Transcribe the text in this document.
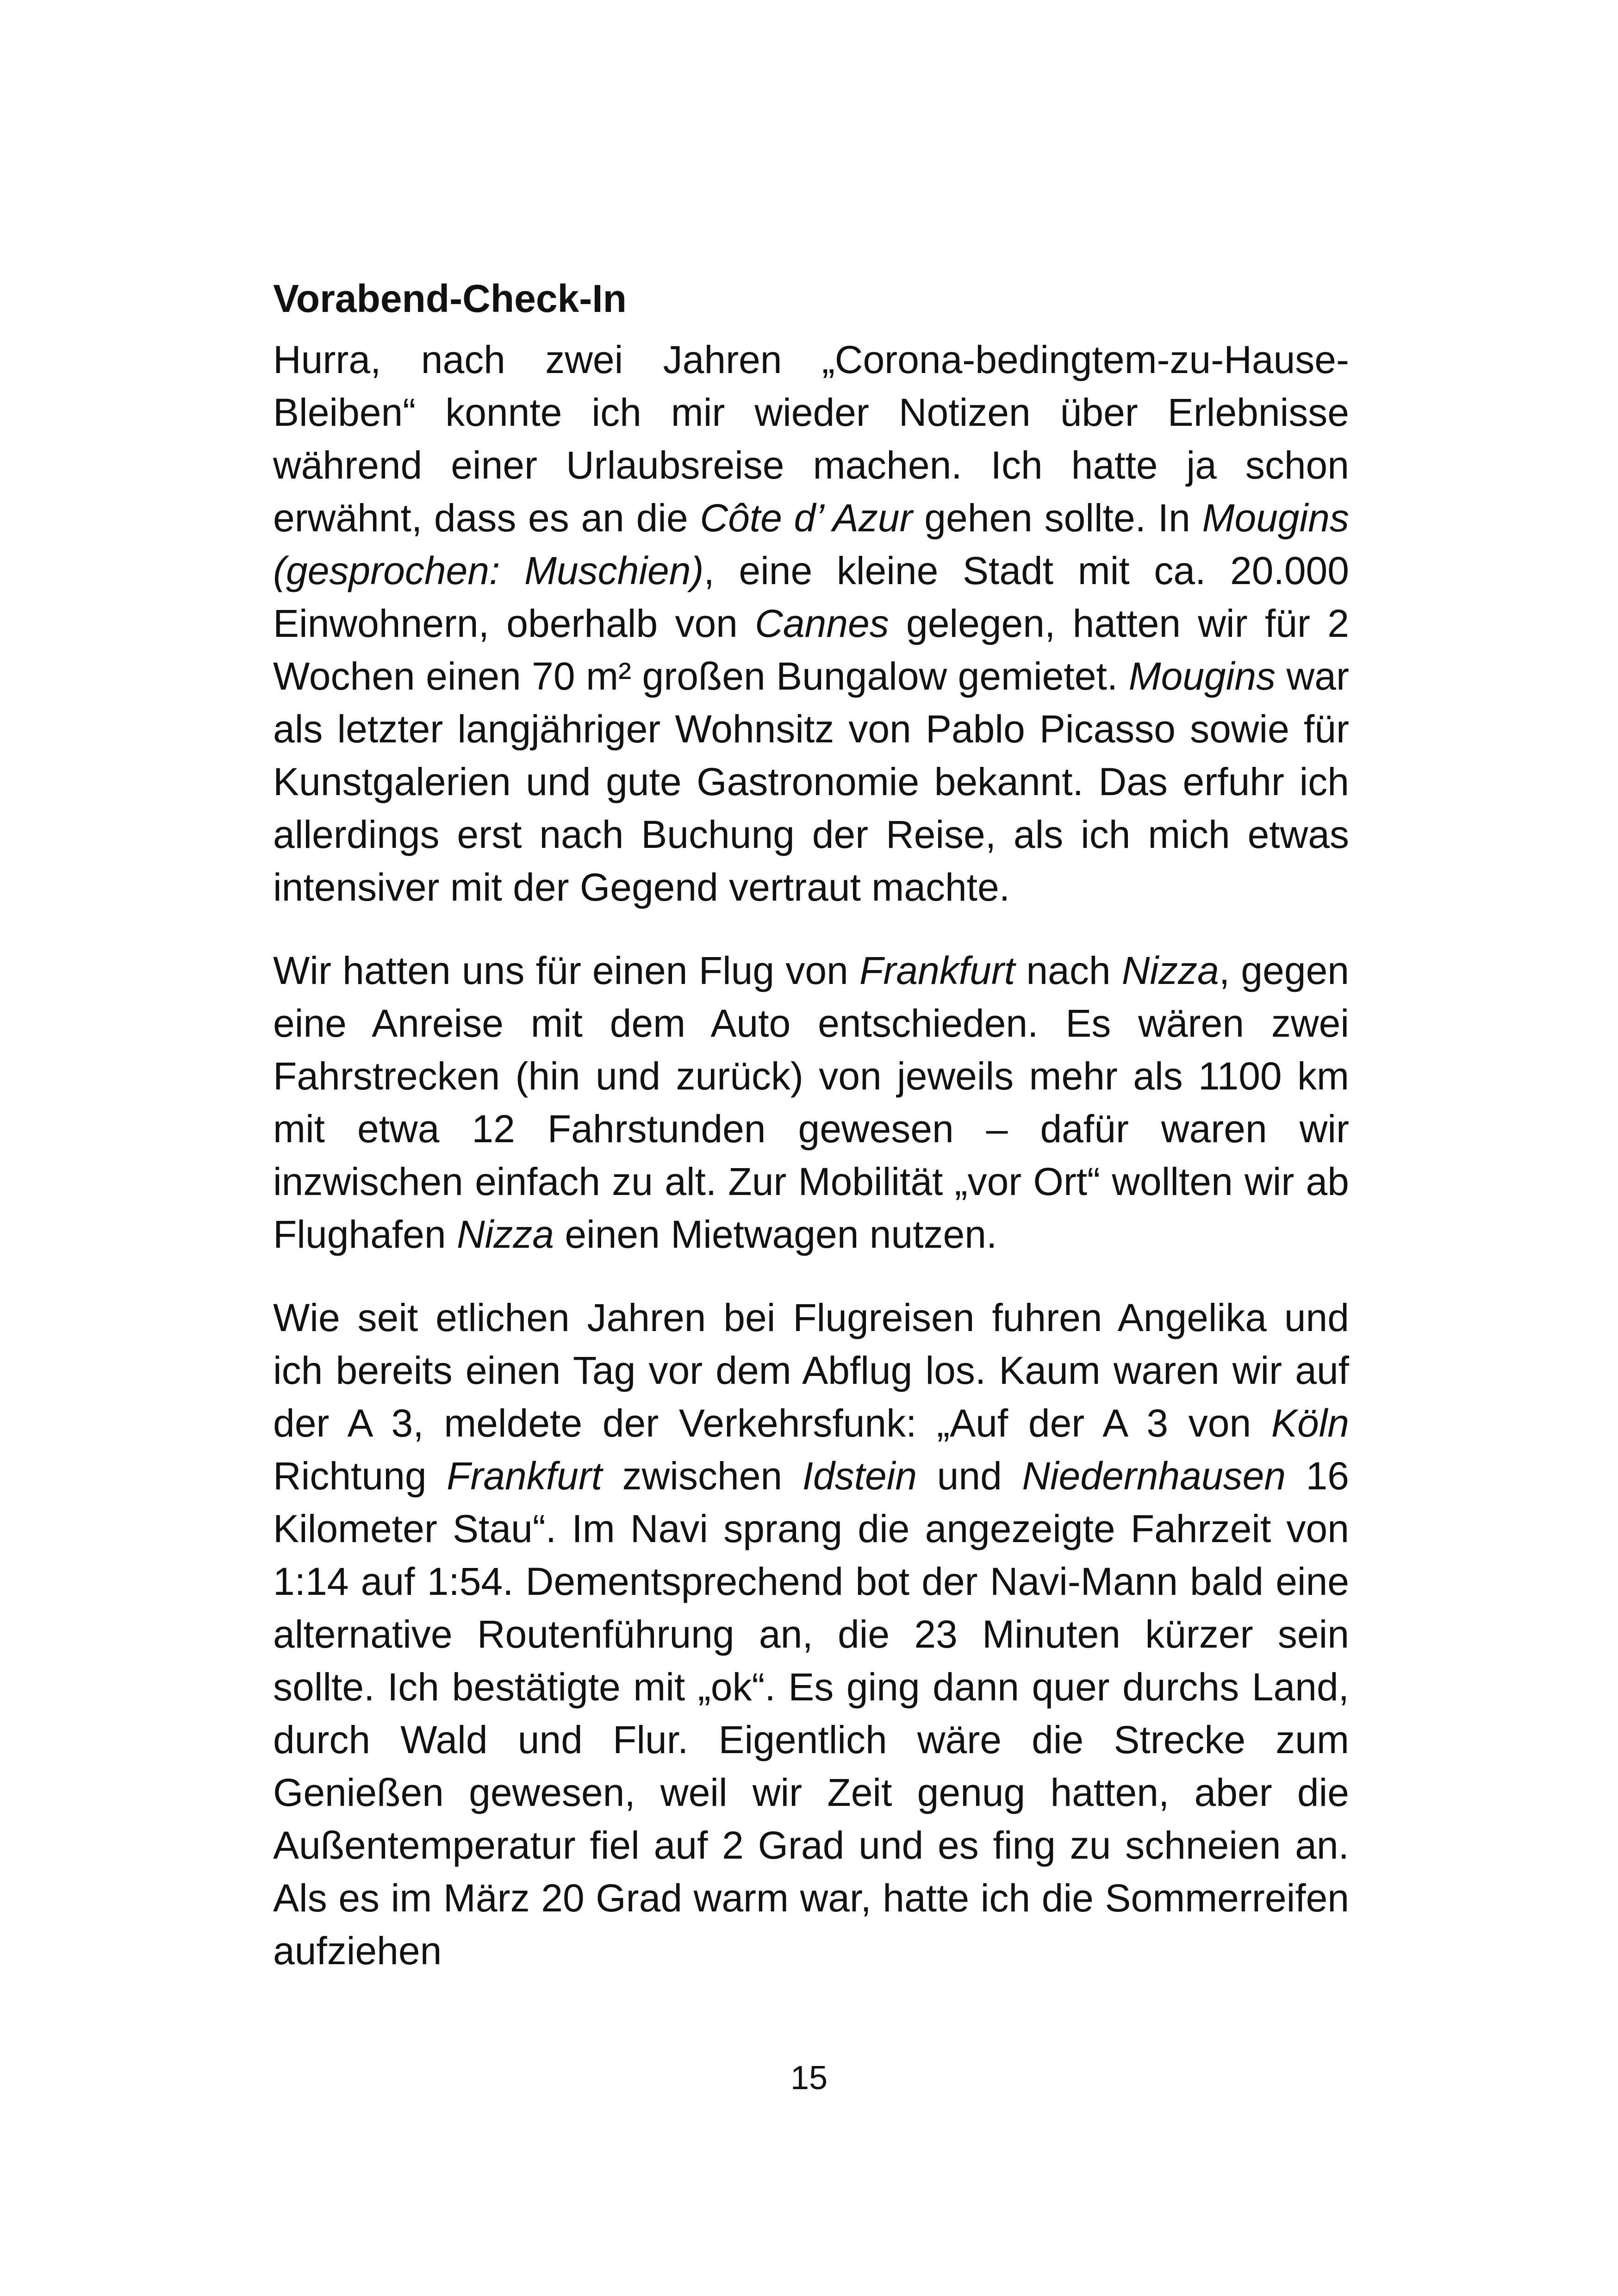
Vorabend-Check-In

Hurra, nach zwei Jahren „Corona-bedingtem-zu-Hause-Bleiben“ konnte ich mir wieder Notizen über Erlebnisse während einer Urlaubsreise machen. Ich hatte ja schon erwähnt, dass es an die Côte d’ Azur gehen sollte. In Mougins (gesprochen: Muschien), eine kleine Stadt mit ca. 20.000 Einwohnern, oberhalb von Cannes gelegen, hatten wir für 2 Wochen einen 70 m² großen Bungalow gemietet. Mougins war als letzter langjähriger Wohnsitz von Pablo Picasso sowie für Kunstgalerien und gute Gastronomie bekannt. Das erfuhr ich allerdings erst nach Buchung der Reise, als ich mich etwas intensiver mit der Gegend vertraut machte.

Wir hatten uns für einen Flug von Frankfurt nach Nizza, gegen eine Anreise mit dem Auto entschieden. Es wären zwei Fahrstrecken (hin und zurück) von jeweils mehr als 1100 km mit etwa 12 Fahrstunden gewesen – dafür waren wir inzwischen einfach zu alt. Zur Mobilität „vor Ort“ wollten wir ab Flughafen Nizza einen Mietwagen nutzen.

Wie seit etlichen Jahren bei Flugreisen fuhren Angelika und ich bereits einen Tag vor dem Abflug los. Kaum waren wir auf der A 3, meldete der Verkehrsfunk: „Auf der A 3 von Köln Richtung Frankfurt zwischen Idstein und Niedernhausen 16 Kilometer Stau“. Im Navi sprang die angezeigte Fahrzeit von 1:14 auf 1:54. Dementsprechend bot der Navi-Mann bald eine alternative Routenführung an, die 23 Minuten kürzer sein sollte. Ich bestätigte mit „ok“. Es ging dann quer durchs Land, durch Wald und Flur. Eigentlich wäre die Strecke zum Genießen gewesen, weil wir Zeit genug hatten, aber die Außentemperatur fiel auf 2 Grad und es fing zu schneien an. Als es im März 20 Grad warm war, hatte ich die Sommerreifen aufziehen

15
